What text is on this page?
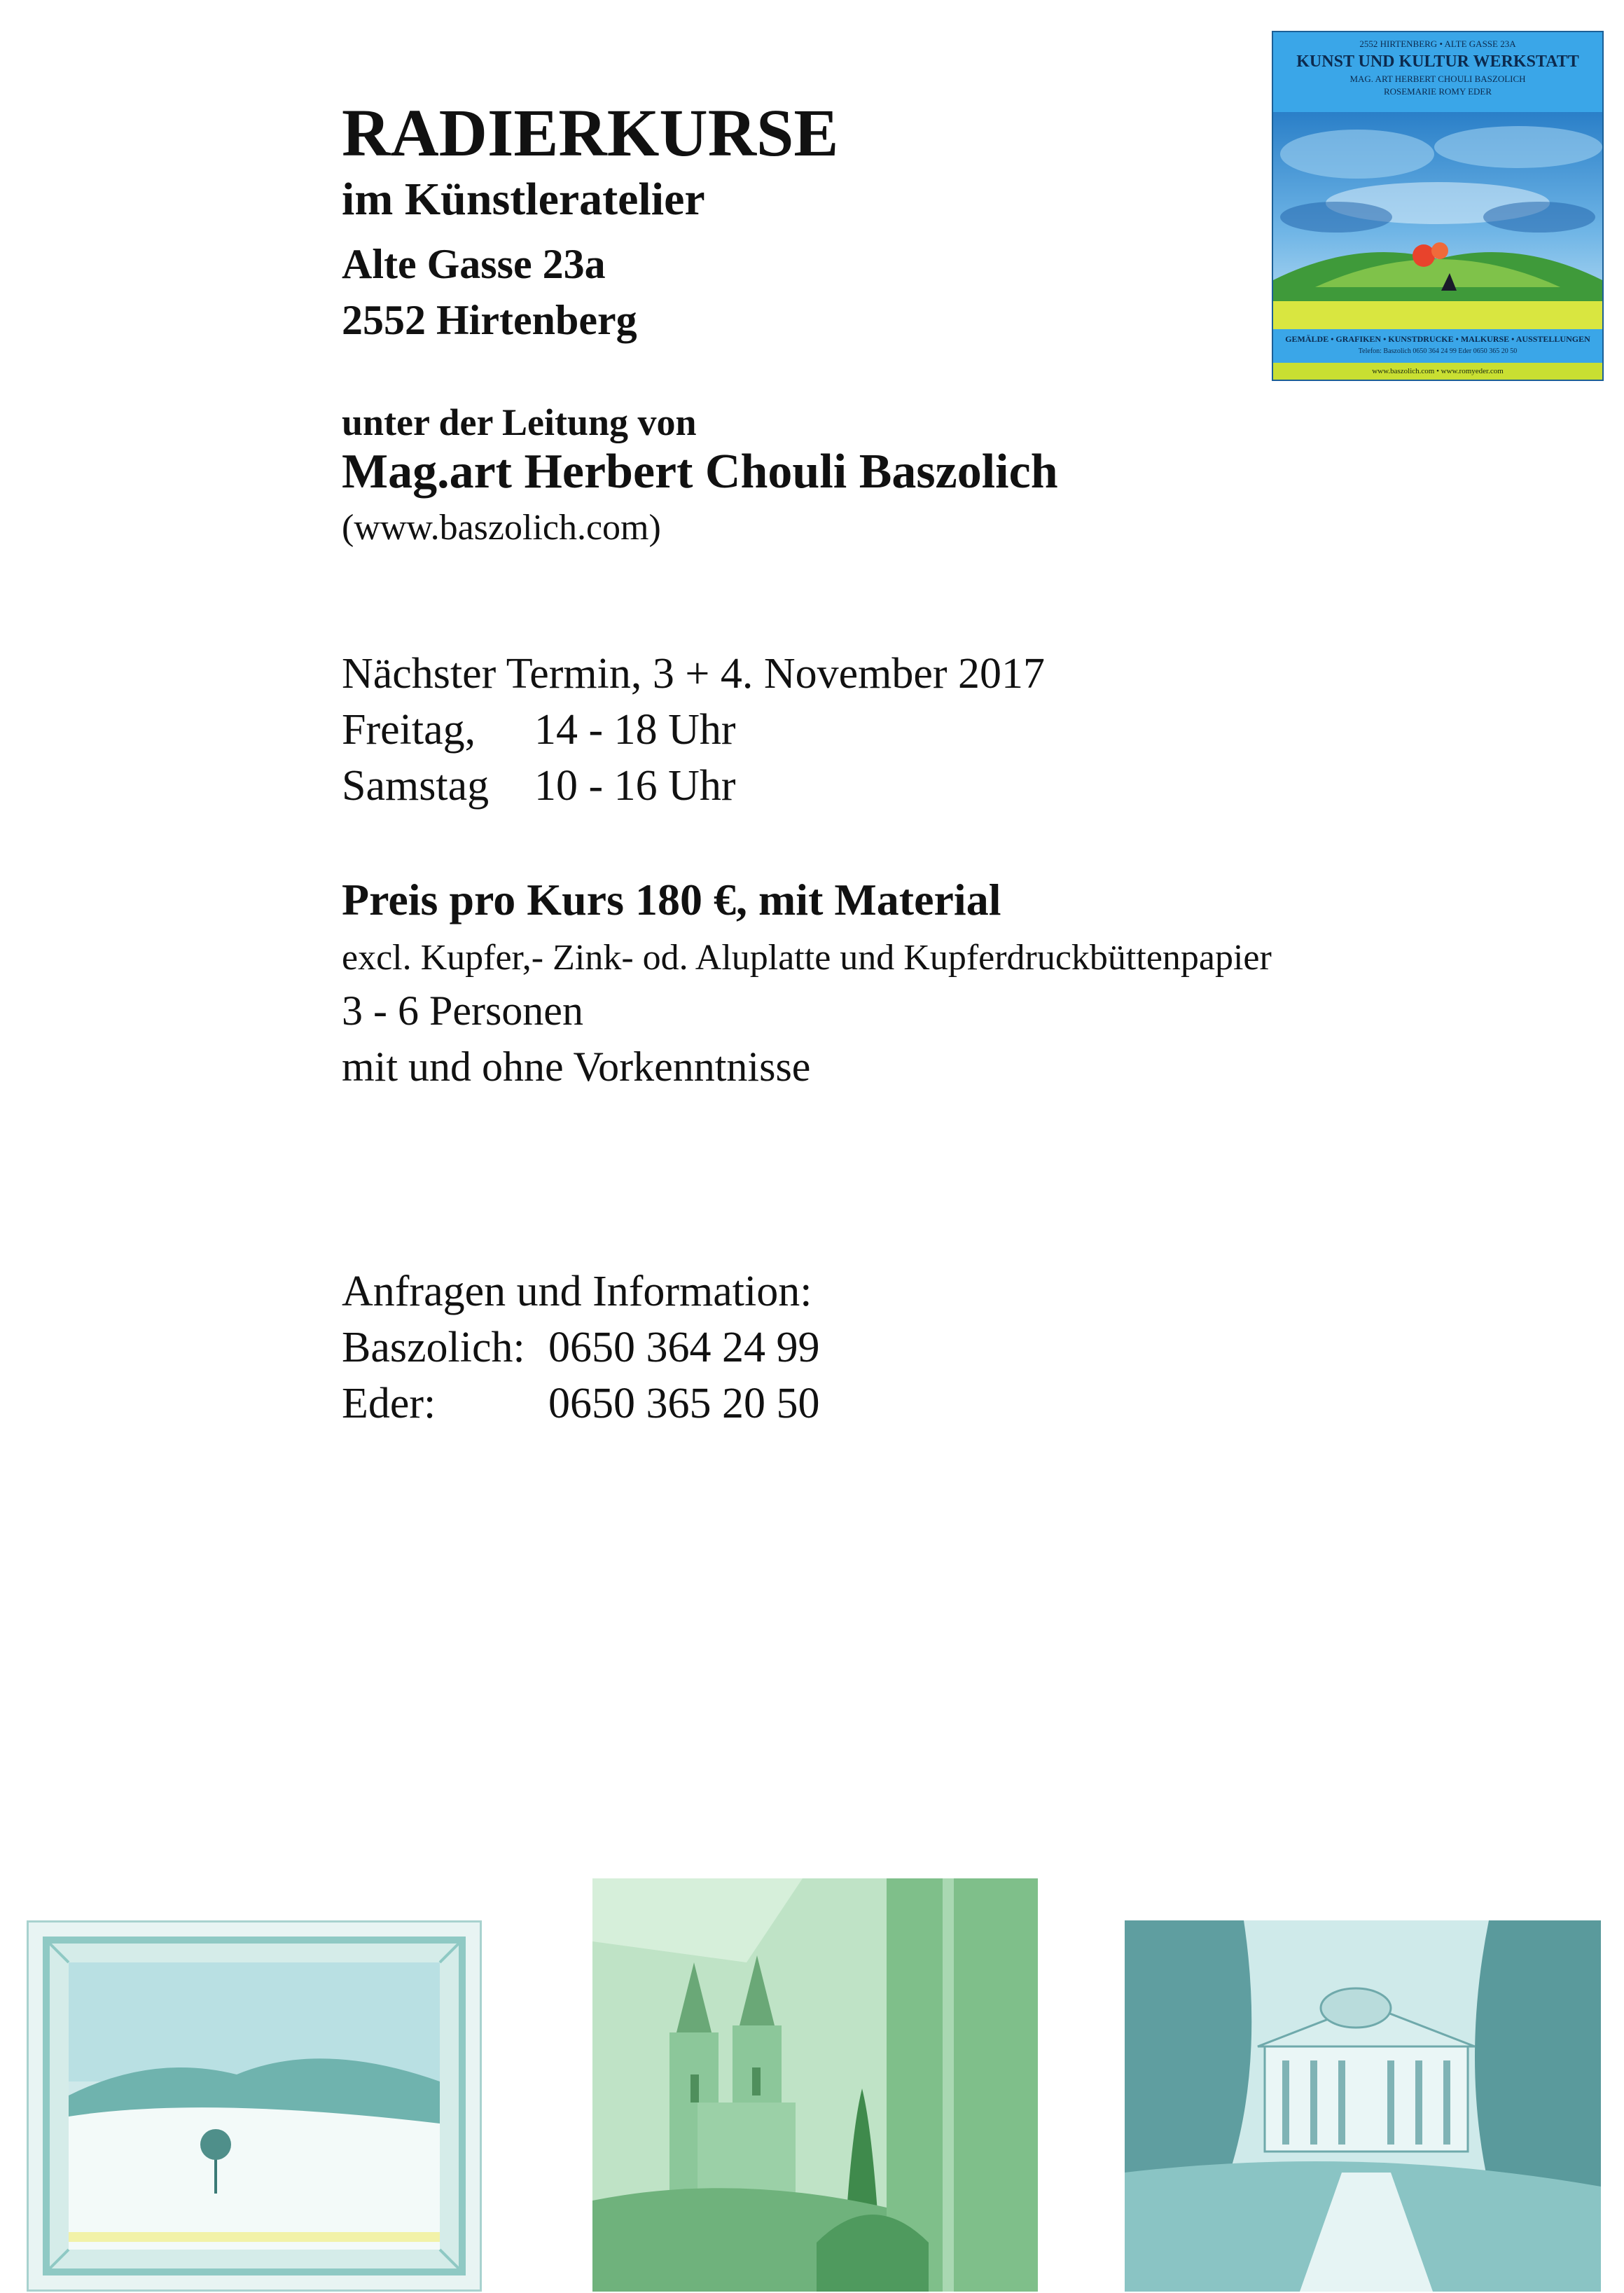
RADIERKURSE
im Künstleratelier
Alte Gasse 23a
2552 Hirtenberg
unter der Leitung von
Mag.art Herbert Chouli Baszolich
(www.baszolich.com)
Nächster Termin, 3 + 4. November 2017
Freitag, 14 - 18 Uhr
Samstag 10 - 16 Uhr
Preis pro Kurs 180 €, mit Material
excl. Kupfer,- Zink- od. Aluplatte und Kupferdruckbüttenpapier
3 - 6 Personen
mit und ohne Vorkenntnisse
Anfragen und Information:
Baszolich: 0650 364 24 99
Eder:	0650 365 20 50
2552 HIRTENBERG • ALTE GASSE 23A
KUNST UND KULTUR WERKSTATT
MAG. ART HERBERT CHOULI BASZOLICH
ROSEMARIE ROMY EDER
GEMÄLDE • GRAFIKEN • KUNSTDRUCKE • MALKURSE • AUSSTELLUNGEN
Telefon: Baszolich 0650 364 24 99 Eder 0650 365 20 50
www.baszolich.com • www.romyeder.com
